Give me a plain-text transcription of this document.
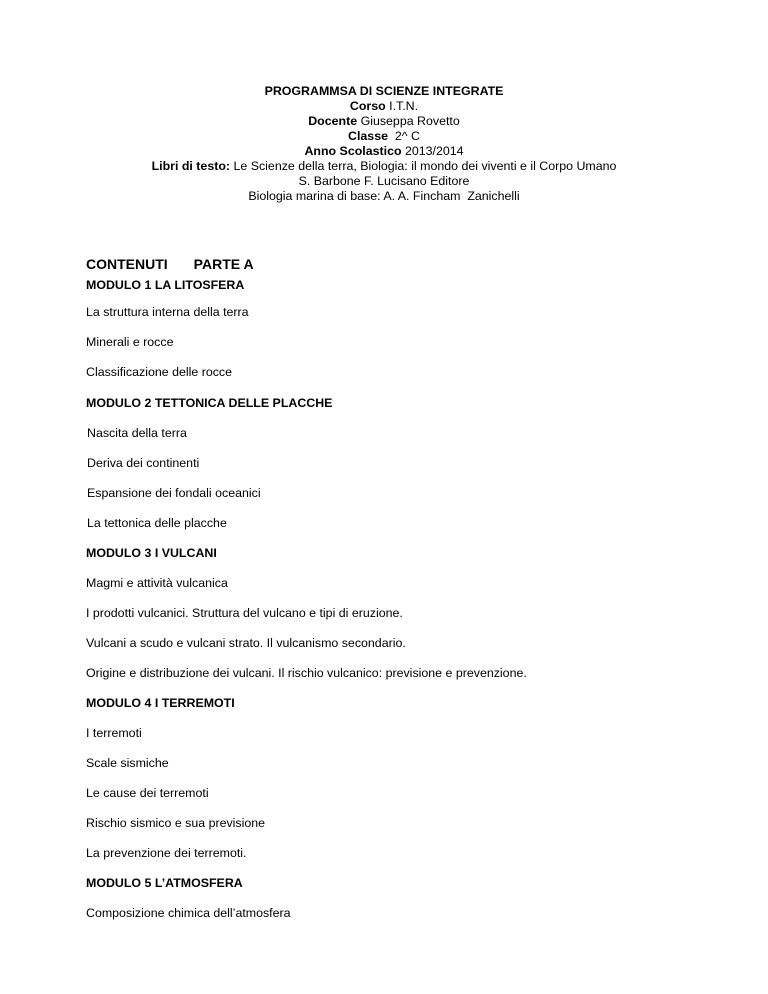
PROGRAMMSA DI SCIENZE INTEGRATE
Corso I.T.N.
Docente Giuseppa Rovetto
Classe  2^ C
Anno Scolastico 2013/2014
Libri di testo: Le Scienze della terra, Biologia: il mondo dei viventi e il Corpo Umano
S. Barbone F. Lucisano Editore
Biologia marina di base: A. A. Fincham  Zanichelli
CONTENUTI PARTE A
MODULO 1 LA LITOSFERA
La struttura interna della terra
Minerali e rocce
Classificazione delle rocce
MODULO 2 TETTONICA DELLE PLACCHE
Nascita della terra
Deriva dei continenti
Espansione dei fondali oceanici
La tettonica delle placche
MODULO 3 I VULCANI
Magmi e attività vulcanica
I prodotti vulcanici. Struttura del vulcano e tipi di eruzione.
Vulcani a scudo e vulcani strato. Il vulcanismo secondario.
Origine e distribuzione dei vulcani. Il rischio vulcanico: previsione e prevenzione.
MODULO 4 I TERREMOTI
I terremoti
Scale sismiche
Le cause dei terremoti
Rischio sismico e sua previsione
La prevenzione dei terremoti.
MODULO 5 L’ATMOSFERA
Composizione chimica dell’atmosfera
